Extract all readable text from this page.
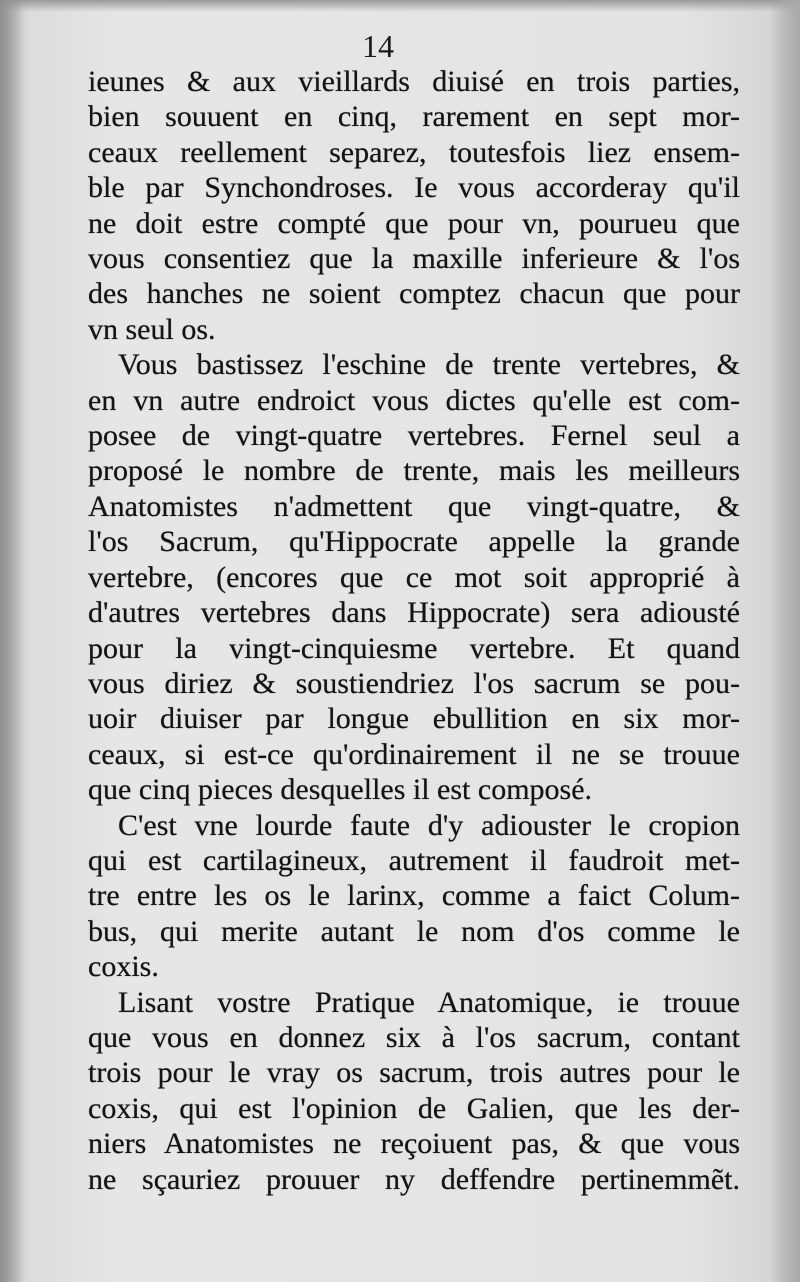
14

ieunes & aux vieillards diuisé en trois parties,
bien souuent en cinq, rarement en sept mor-
ceaux reellement separez, toutesfois liez ensem-
ble par Synchondroses. Ie vous accorderay qu'il
ne doit estre compté que pour vn, pourueu que
vous consentiez que la maxille inferieure & l'os
des hanches ne soient comptez chacun que pour
vn seul os.
Vous bastissez l'eschine de trente vertebres, &
en vn autre endroict vous dictes qu'elle est com-
posee de vingt-quatre vertebres. Fernel seul a
proposé le nombre de trente, mais les meilleurs
Anatomistes n'admettent que vingt-quatre, &
l'os Sacrum, qu'Hippocrate appelle la grande
vertebre, (encores que ce mot soit approprié à
d'autres vertebres dans Hippocrate) sera adiousté
pour la vingt-cinquiesme vertebre. Et quand
vous diriez & soustiendriez l'os sacrum se pou-
uoir diuiser par longue ebullition en six mor-
ceaux, si est-ce qu'ordinairement il ne se trouue
que cinq pieces desquelles il est composé.
C'est vne lourde faute d'y adiouster le cropion
qui est cartilagineux, autrement il faudroit met-
tre entre les os le larinx, comme a faict Colum-
bus, qui merite autant le nom d'os comme le
coxis.
Lisant vostre Pratique Anatomique, ie trouue
que vous en donnez six à l'os sacrum, contant
trois pour le vray os sacrum, trois autres pour le
coxis, qui est l'opinion de Galien, que les der-
niers Anatomistes ne reçoiuent pas, & que vous
ne sçauriez prouuer ny deffendre pertinemmẽt.
